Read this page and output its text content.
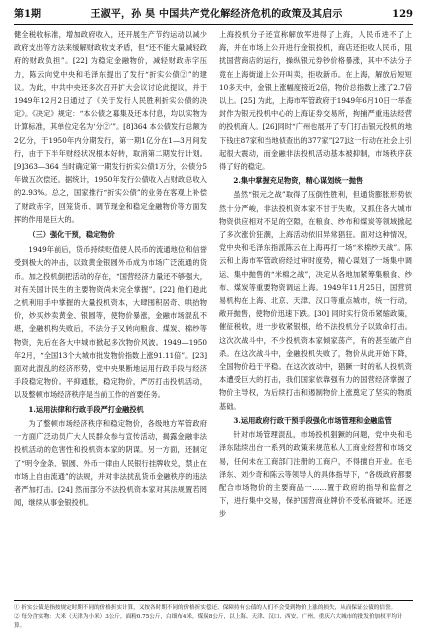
第1期	王淑平，孙 昊 中国共产党化解经济危机的政策及其启示	129

健全税收标准，增加政府收入，还开展生产节约运动以减少政府支出等方法来缓解财政收支矛盾，但“还不能大量减轻政府的财政负担”。[22] 为稳定金融物价，减轻财政赤字压力，陈云向党中央和毛泽东提出了发行“折实公债②”的建议。为此，中共中央还多次召开扩大会议讨论此提议，并于1949年12月2日通过了《关于发行人民胜利折实公债的决定》。《决定》规定：“本公债之募集及还本付息，均以实物为计算标准，其单位定名为‘分②’”。[8]364 本公债发行总额为2亿分，于1950年内分期发行，第一期1亿分在1—3月间发行，由于下半年财经状况根本好转，取消第二期发行计划。[9]363—364 当时确定第一期发行折实公债1万分，公债分5年做五次偿还。据统计，1950年发行公债收入占财政总收入的2.93%。总之，国家推行“折实公债”的业务在客观上补偿了财政赤字，回笼货币、调节现金和稳定金融物价等方面发挥的作用是巨大的。

（三）强化干预，稳定物价

1949年前后，货币持续贬值使人民币的流通地位和信誉受到极大的冲击，以致黄金银圆外币成为市场广泛流通的货币。加之投机倒把活动的存在，“国营经济力量还不够强大，对有关国计民生的主要物资尚未完全掌握”。[22] 他们趁此之机利用手中掌握的大量投机资本，大肆囤积居奇、哄抬物价，炒买炒卖黄金、银圆等，使物价暴涨，金融市场混乱不堪，金融机构失败后，不法分子又转向粮食、煤炭、棉纱等物资，先后在各大中城市掀起多次物价风波。1949—1950年2月，“全国13个大城市批发物价指数上涨91.11倍”。[23] 面对此混乱的经济形势，党中央果断地运用行政手段与经济手段稳定物价。平抑通胀，稳定物价，严厉打击投机活动，以及整顿市场经济秩序是当前工作的首要任务。

1.运用法律和行政手段严打金融投机

为了整顿市场经济秩序和稳定物价，各级地方军管政府一方面广泛动员广大人民群众参与宣传活动，揭露金融非法投机活动的危害性和投机资本家的阴谋。另一方面，还制定了“明令金条、银圆、外币一律由人民银行挂牌收兑，禁止在市场上自由流通”的法规，并对非法扰乱货币金融秩序的违法者严加打击。[24] 然而部分不法投机资本家对其法规置若罔闻，继续从事金银投机。

上海投机分子还宣称解放军进得了上海，人民币进不了上海，并在市场上公开进行金银投机，商店还拒收人民币，阻扰国营商店的运行，操纵银元券钞价格暴涨，其中不法分子竟在上海街道上公开叫卖，拒收新币。在上海，解放后短短10多天中，金银上涨幅度接近2倍，物价总指数上涨了2.7倍以上。[25] 为此，上海市军管政府于1949年6月10日一举查封作为银元投机中心的上海证券交易所，拘捕严重违法经营的投机商人。[26]同时“广州也展开了专门打击银元投机的地下钱庄87家和当地侦查出的377家”[27]这一行动在社会上引起很大震动，而金融非法投机活动基本被抑制，市场秩序获得了好的稳定。

2.集中掌握充足物资，精心谋划统一抛售

虽然“银元之战”取得了压倒性胜利，但通货膨胀形势依然十分严峻，非法投机资本家不甘于失败，又抓住各大城市物资供应相对不足的空隙，在粮食、纱布和煤炭等领域掀起了多次涨价狂潮，上海活动依旧异常猖狂。面对这种情况，党中央和毛泽东指派陈云在上海再打一场“米棉纱天战”。陈云和上海市军管政府经过审时度势，精心谋划了一场集中调运、集中抛售的“米棉之战”，决定从各地加紧筹集粮食、纱布、煤炭等重要物资调运上海。1949年11月25日，国营贸易机构在上海、北京、天津、汉口等重点城市，统一行动，敞开抛售，使物价迅速下跌。[30] 同时实行货币紧缩政策，催征税收，进一步收紧银根，给不法投机分子以致命打击。这次次战斗中，不少投机资本家倾家荡产，有的甚至破产自杀。在这次战斗中，金融投机失败了，物价从此开始下降，全国物价趋于平稳。在这次波动中，猖獗一时的私人投机资本遭受巨大的打击，我们国家依靠强有力的国营经济掌握了物价主导权，为后续打击和遏制物价上涨奠定了坚实的物质基础。

3.运用政府行政干预手段强化市场管理和金融监管

针对市场管理混乱，市场投机猖獗的问题，党中央和毛泽东陆续出台一系列的政策来规范私人工商业经营和市场交易，任何未在工商部门注册的工商户，不得擅自开业。在毛泽东、刘少奇和陈云等领导人的具体指导下，“各级政府都要配合市场物价的主要商品一……置于政府的指导和监督之下，进行集中交易，保护国营商业牌价不受私商破坏。还逐步

① 折实公债是指按规定时期不同的价格折实计算，又按各时期不同的价格折实偿还，保障持有公债的人们不会受到物价上涨的损失，从而保证公债的信誉。

② 每分含实物：大米（天津为小米）3公斤，面粉0.75公斤，白细布4米，煤炭8公斤，以上海、天津、汉口、西安、广州、重庆六大城市的批发价加权平均计算。
